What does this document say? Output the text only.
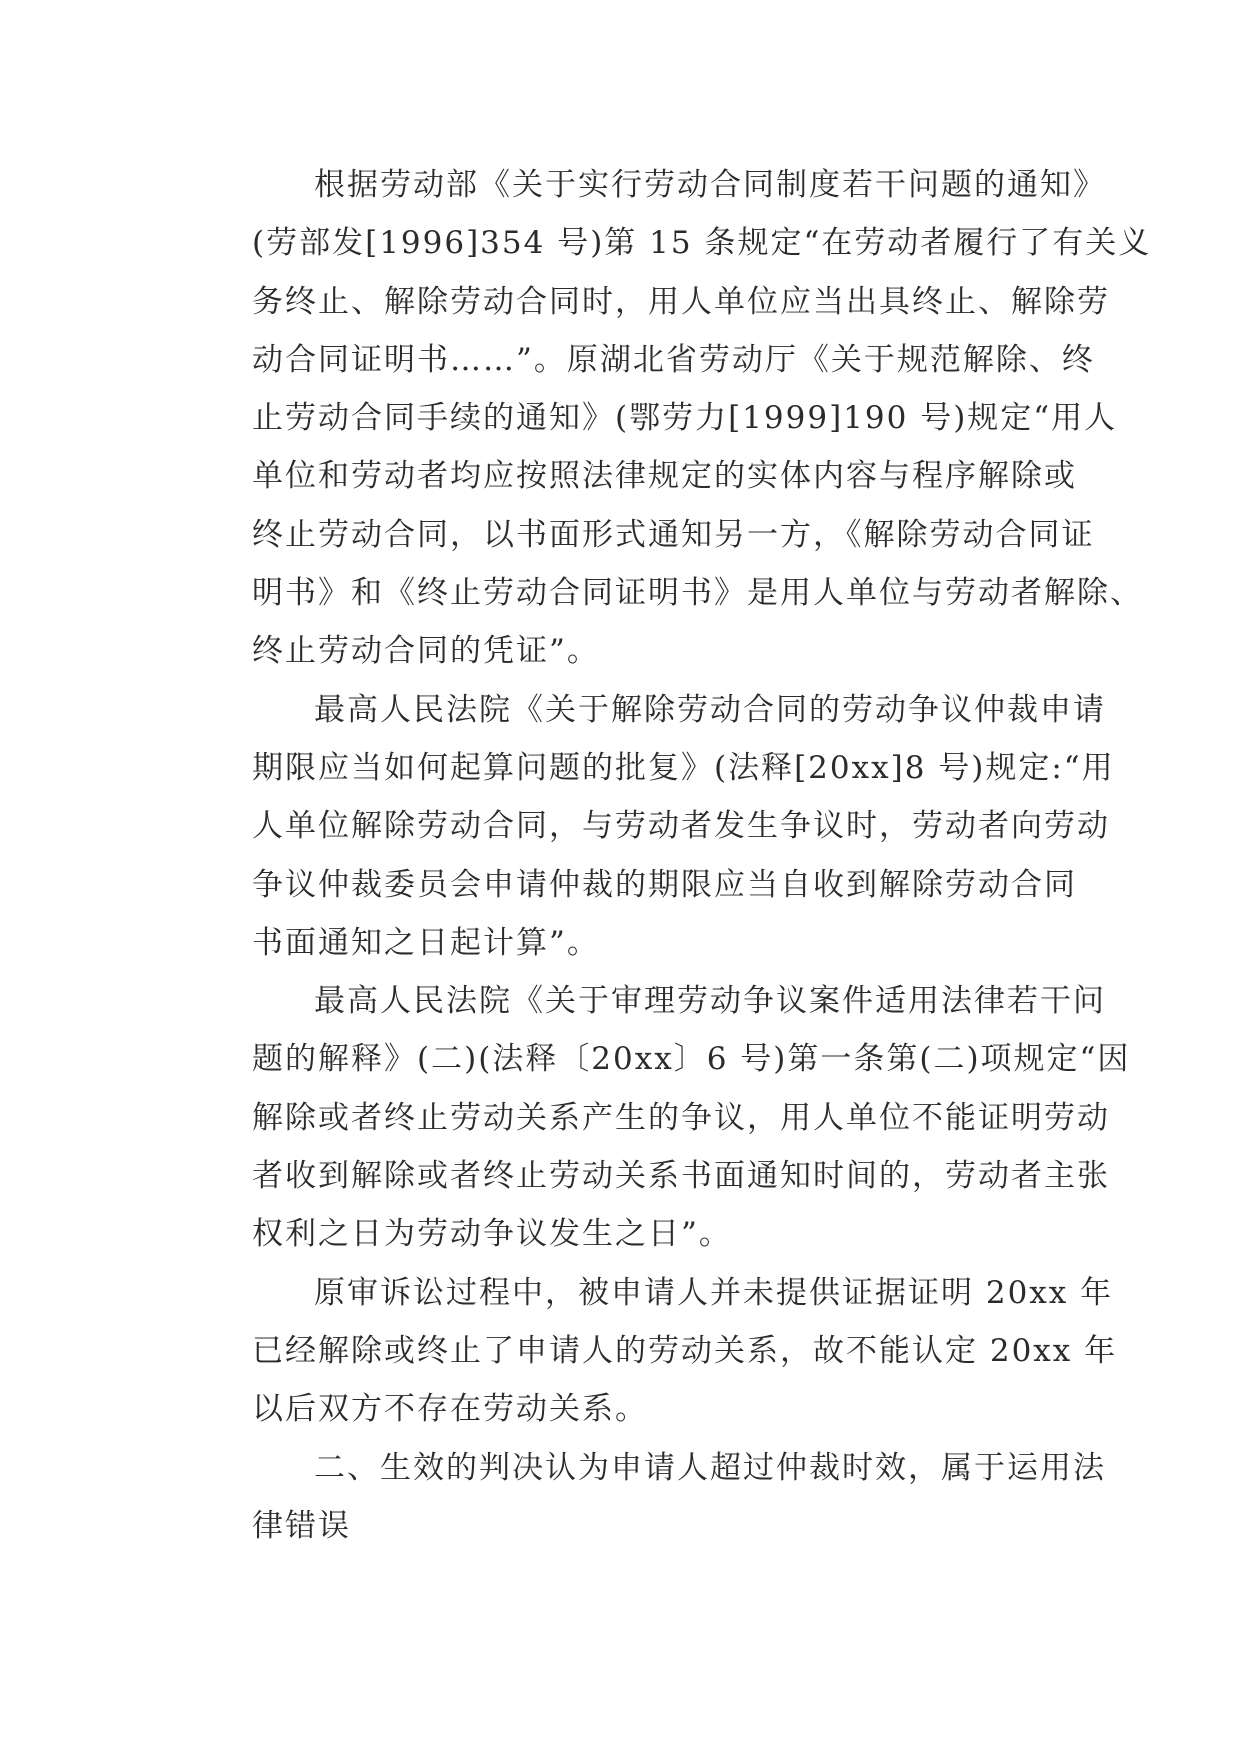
根据劳动部《关于实行劳动合同制度若干问题的通知》
(劳部发[1996]354 号)第 15 条规定“在劳动者履行了有关义
务终止、解除劳动合同时，用人单位应当出具终止、解除劳
动合同证明书……”。原湖北省劳动厅《关于规范解除、终
止劳动合同手续的通知》(鄂劳力[1999]190 号)规定“用人
单位和劳动者均应按照法律规定的实体内容与程序解除或
终止劳动合同，以书面形式通知另一方，《解除劳动合同证
明书》和《终止劳动合同证明书》是用人单位与劳动者解除、
终止劳动合同的凭证”。
最高人民法院《关于解除劳动合同的劳动争议仲裁申请
期限应当如何起算问题的批复》(法释[20xx]8 号)规定:“用
人单位解除劳动合同，与劳动者发生争议时，劳动者向劳动
争议仲裁委员会申请仲裁的期限应当自收到解除劳动合同
书面通知之日起计算”。
最高人民法院《关于审理劳动争议案件适用法律若干问
题的解释》(二)(法释〔20xx〕6 号)第一条第(二)项规定“因
解除或者终止劳动关系产生的争议，用人单位不能证明劳动
者收到解除或者终止劳动关系书面通知时间的，劳动者主张
权利之日为劳动争议发生之日”。
原审诉讼过程中，被申请人并未提供证据证明 20xx 年
已经解除或终止了申请人的劳动关系，故不能认定 20xx 年
以后双方不存在劳动关系。
二、生效的判决认为申请人超过仲裁时效，属于运用法
律错误
